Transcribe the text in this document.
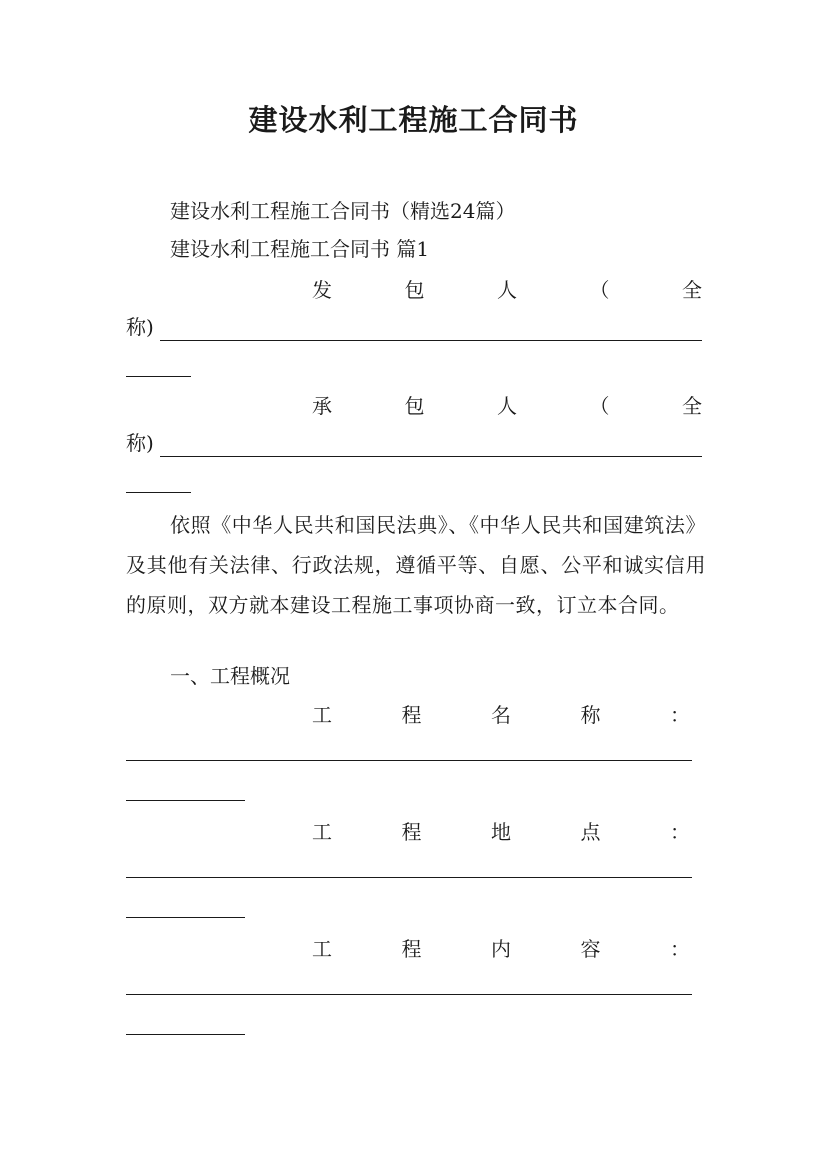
建设水利工程施工合同书
建设水利工程施工合同书（精选24篇）
建设水利工程施工合同书 篇1
发	包	人	（	全
称)
承	包	人	（	全
称)
依照《中华人民共和国民法典》、《中华人民共和国建筑法》及其他有关法律、行政法规，遵循平等、自愿、公平和诚实信用的原则，双方就本建设工程施工事项协商一致，订立本合同。
一、工程概况
工	程	名	称	：
工	程	地	点	：
工	程	内	容	：
